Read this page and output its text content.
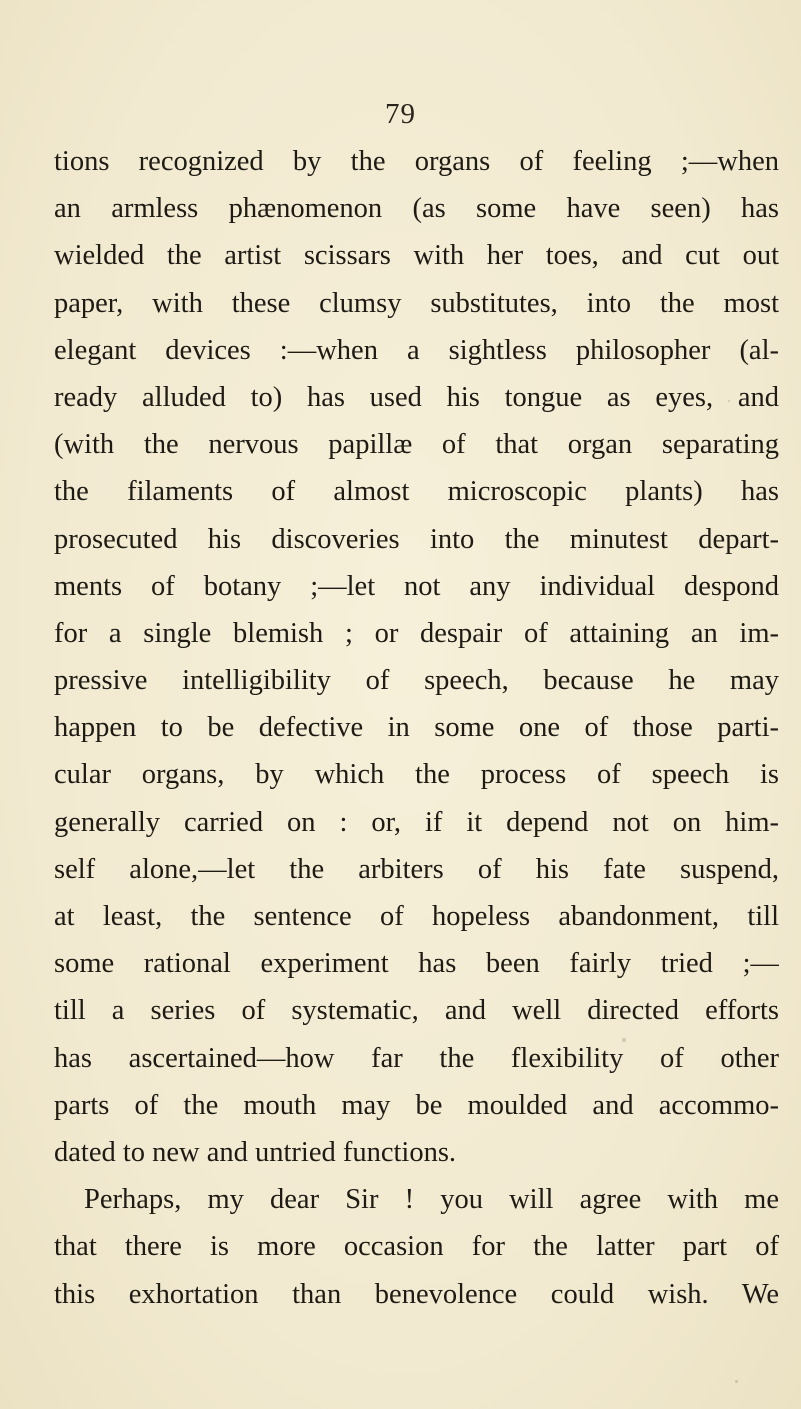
79
tions recognized by the organs of feeling ;—when
an armless phænomenon (as some have seen) has
wielded the artist scissars with her toes, and cut out
paper, with these clumsy substitutes, into the most
elegant devices :—when a sightless philosopher (al-
ready alluded to) has used his tongue as eyes, and
(with the nervous papillæ of that organ separating
the filaments of almost microscopic plants) has
prosecuted his discoveries into the minutest depart-
ments of botany ;—let not any individual despond
for a single blemish ; or despair of attaining an im-
pressive intelligibility of speech, because he may
happen to be defective in some one of those parti-
cular organs, by which the process of speech is
generally carried on : or, if it depend not on him-
self alone,—let the arbiters of his fate suspend,
at least, the sentence of hopeless abandonment, till
some rational experiment has been fairly tried ;—
till a series of systematic, and well directed efforts
has ascertained—how far the flexibility of other
parts of the mouth may be moulded and accommo-
dated to new and untried functions.
Perhaps, my dear Sir ! you will agree with me
that there is more occasion for the latter part of
this exhortation than benevolence could wish. We
